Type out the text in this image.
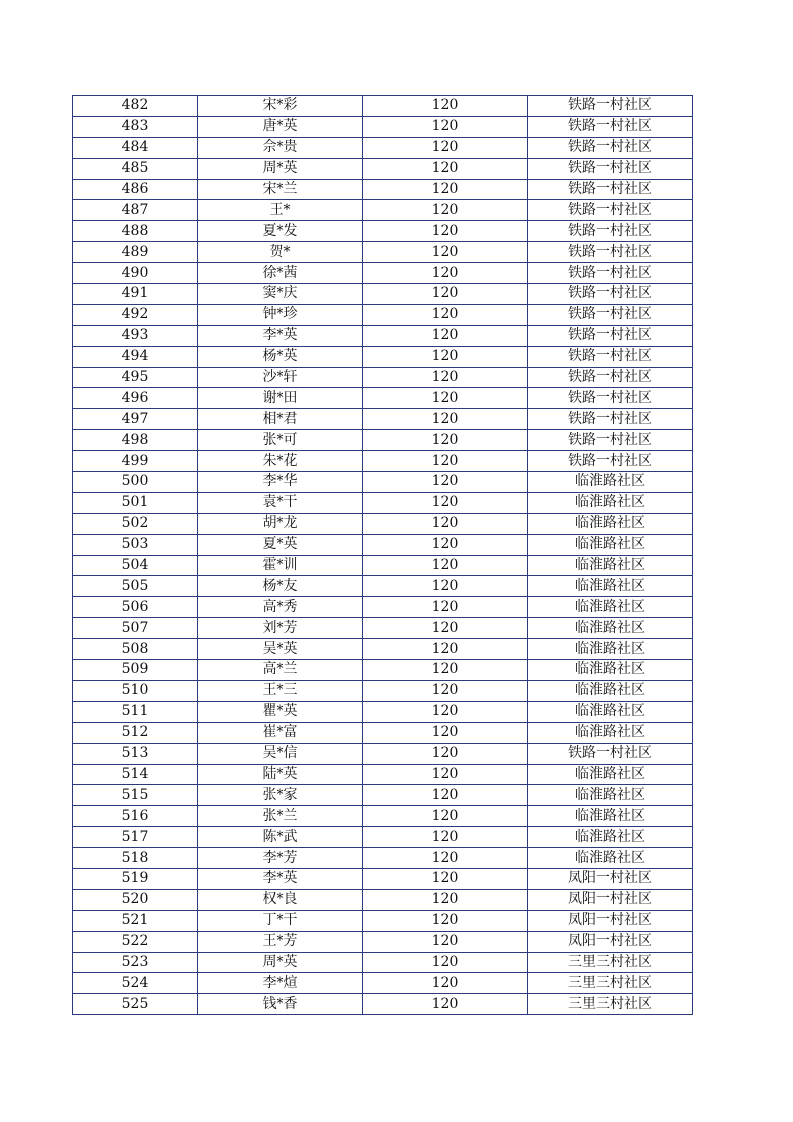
482	宋*彩	120	铁路一村社区
483	唐*英	120	铁路一村社区
484	佘*贵	120	铁路一村社区
485	周*英	120	铁路一村社区
486	宋*兰	120	铁路一村社区
487	王*	120	铁路一村社区
488	夏*发	120	铁路一村社区
489	贺*	120	铁路一村社区
490	徐*茜	120	铁路一村社区
491	窦*庆	120	铁路一村社区
492	钟*珍	120	铁路一村社区
493	李*英	120	铁路一村社区
494	杨*英	120	铁路一村社区
495	沙*轩	120	铁路一村社区
496	谢*田	120	铁路一村社区
497	相*君	120	铁路一村社区
498	张*可	120	铁路一村社区
499	朱*花	120	铁路一村社区
500	李*华	120	临淮路社区
501	袁*干	120	临淮路社区
502	胡*龙	120	临淮路社区
503	夏*英	120	临淮路社区
504	霍*训	120	临淮路社区
505	杨*友	120	临淮路社区
506	高*秀	120	临淮路社区
507	刘*芳	120	临淮路社区
508	吴*英	120	临淮路社区
509	高*兰	120	临淮路社区
510	王*三	120	临淮路社区
511	瞿*英	120	临淮路社区
512	崔*富	120	临淮路社区
513	吴*信	120	铁路一村社区
514	陆*英	120	临淮路社区
515	张*家	120	临淮路社区
516	张*兰	120	临淮路社区
517	陈*武	120	临淮路社区
518	李*芳	120	临淮路社区
519	李*英	120	凤阳一村社区
520	权*良	120	凤阳一村社区
521	丁*干	120	凤阳一村社区
522	王*芳	120	凤阳一村社区
523	周*英	120	三里三村社区
524	李*煊	120	三里三村社区
525	钱*香	120	三里三村社区
